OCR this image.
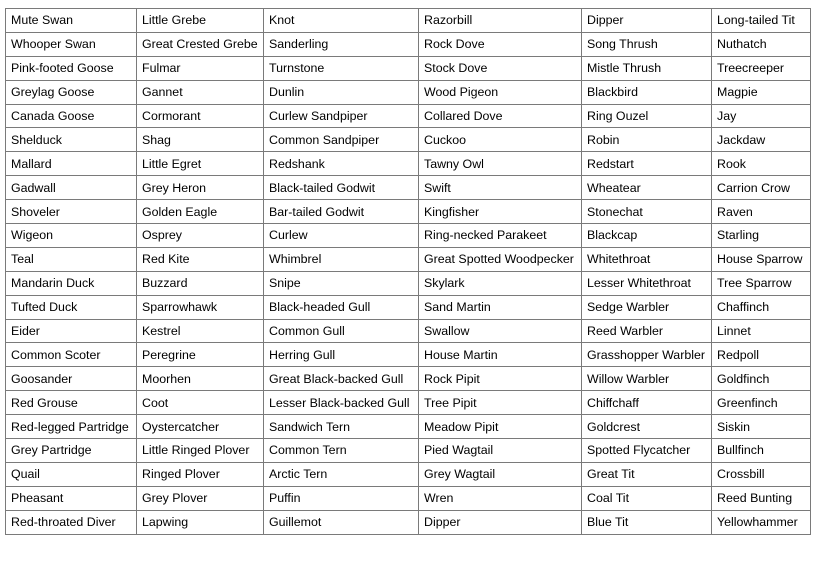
Mute Swan	Little Grebe	Knot	Razorbill	Dipper	Long-tailed Tit
Whooper Swan	Great Crested Grebe	Sanderling	Rock Dove	Song Thrush	Nuthatch
Pink-footed Goose	Fulmar	Turnstone	Stock Dove	Mistle Thrush	Treecreeper
Greylag Goose	Gannet	Dunlin	Wood Pigeon	Blackbird	Magpie
Canada Goose	Cormorant	Curlew Sandpiper	Collared Dove	Ring Ouzel	Jay
Shelduck	Shag	Common Sandpiper	Cuckoo	Robin	Jackdaw
Mallard	Little Egret	Redshank	Tawny Owl	Redstart	Rook
Gadwall	Grey Heron	Black-tailed Godwit	Swift	Wheatear	Carrion Crow
Shoveler	Golden Eagle	Bar-tailed Godwit	Kingfisher	Stonechat	Raven
Wigeon	Osprey	Curlew	Ring-necked Parakeet	Blackcap	Starling
Teal	Red Kite	Whimbrel	Great Spotted Woodpecker	Whitethroat	House Sparrow
Mandarin Duck	Buzzard	Snipe	Skylark	Lesser Whitethroat	Tree Sparrow
Tufted Duck	Sparrowhawk	Black-headed Gull	Sand Martin	Sedge Warbler	Chaffinch
Eider	Kestrel	Common Gull	Swallow	Reed Warbler	Linnet
Common Scoter	Peregrine	Herring Gull	House Martin	Grasshopper Warbler	Redpoll
Goosander	Moorhen	Great Black-backed Gull	Rock Pipit	Willow Warbler	Goldfinch
Red Grouse	Coot	Lesser Black-backed Gull	Tree Pipit	Chiffchaff	Greenfinch
Red-legged Partridge	Oystercatcher	Sandwich Tern	Meadow Pipit	Goldcrest	Siskin
Grey Partridge	Little Ringed Plover	Common Tern	Pied Wagtail	Spotted Flycatcher	Bullfinch
Quail	Ringed Plover	Arctic Tern	Grey Wagtail	Great Tit	Crossbill
Pheasant	Grey Plover	Puffin	Wren	Coal Tit	Reed Bunting
Red-throated Diver	Lapwing	Guillemot	Dipper	Blue Tit	Yellowhammer
